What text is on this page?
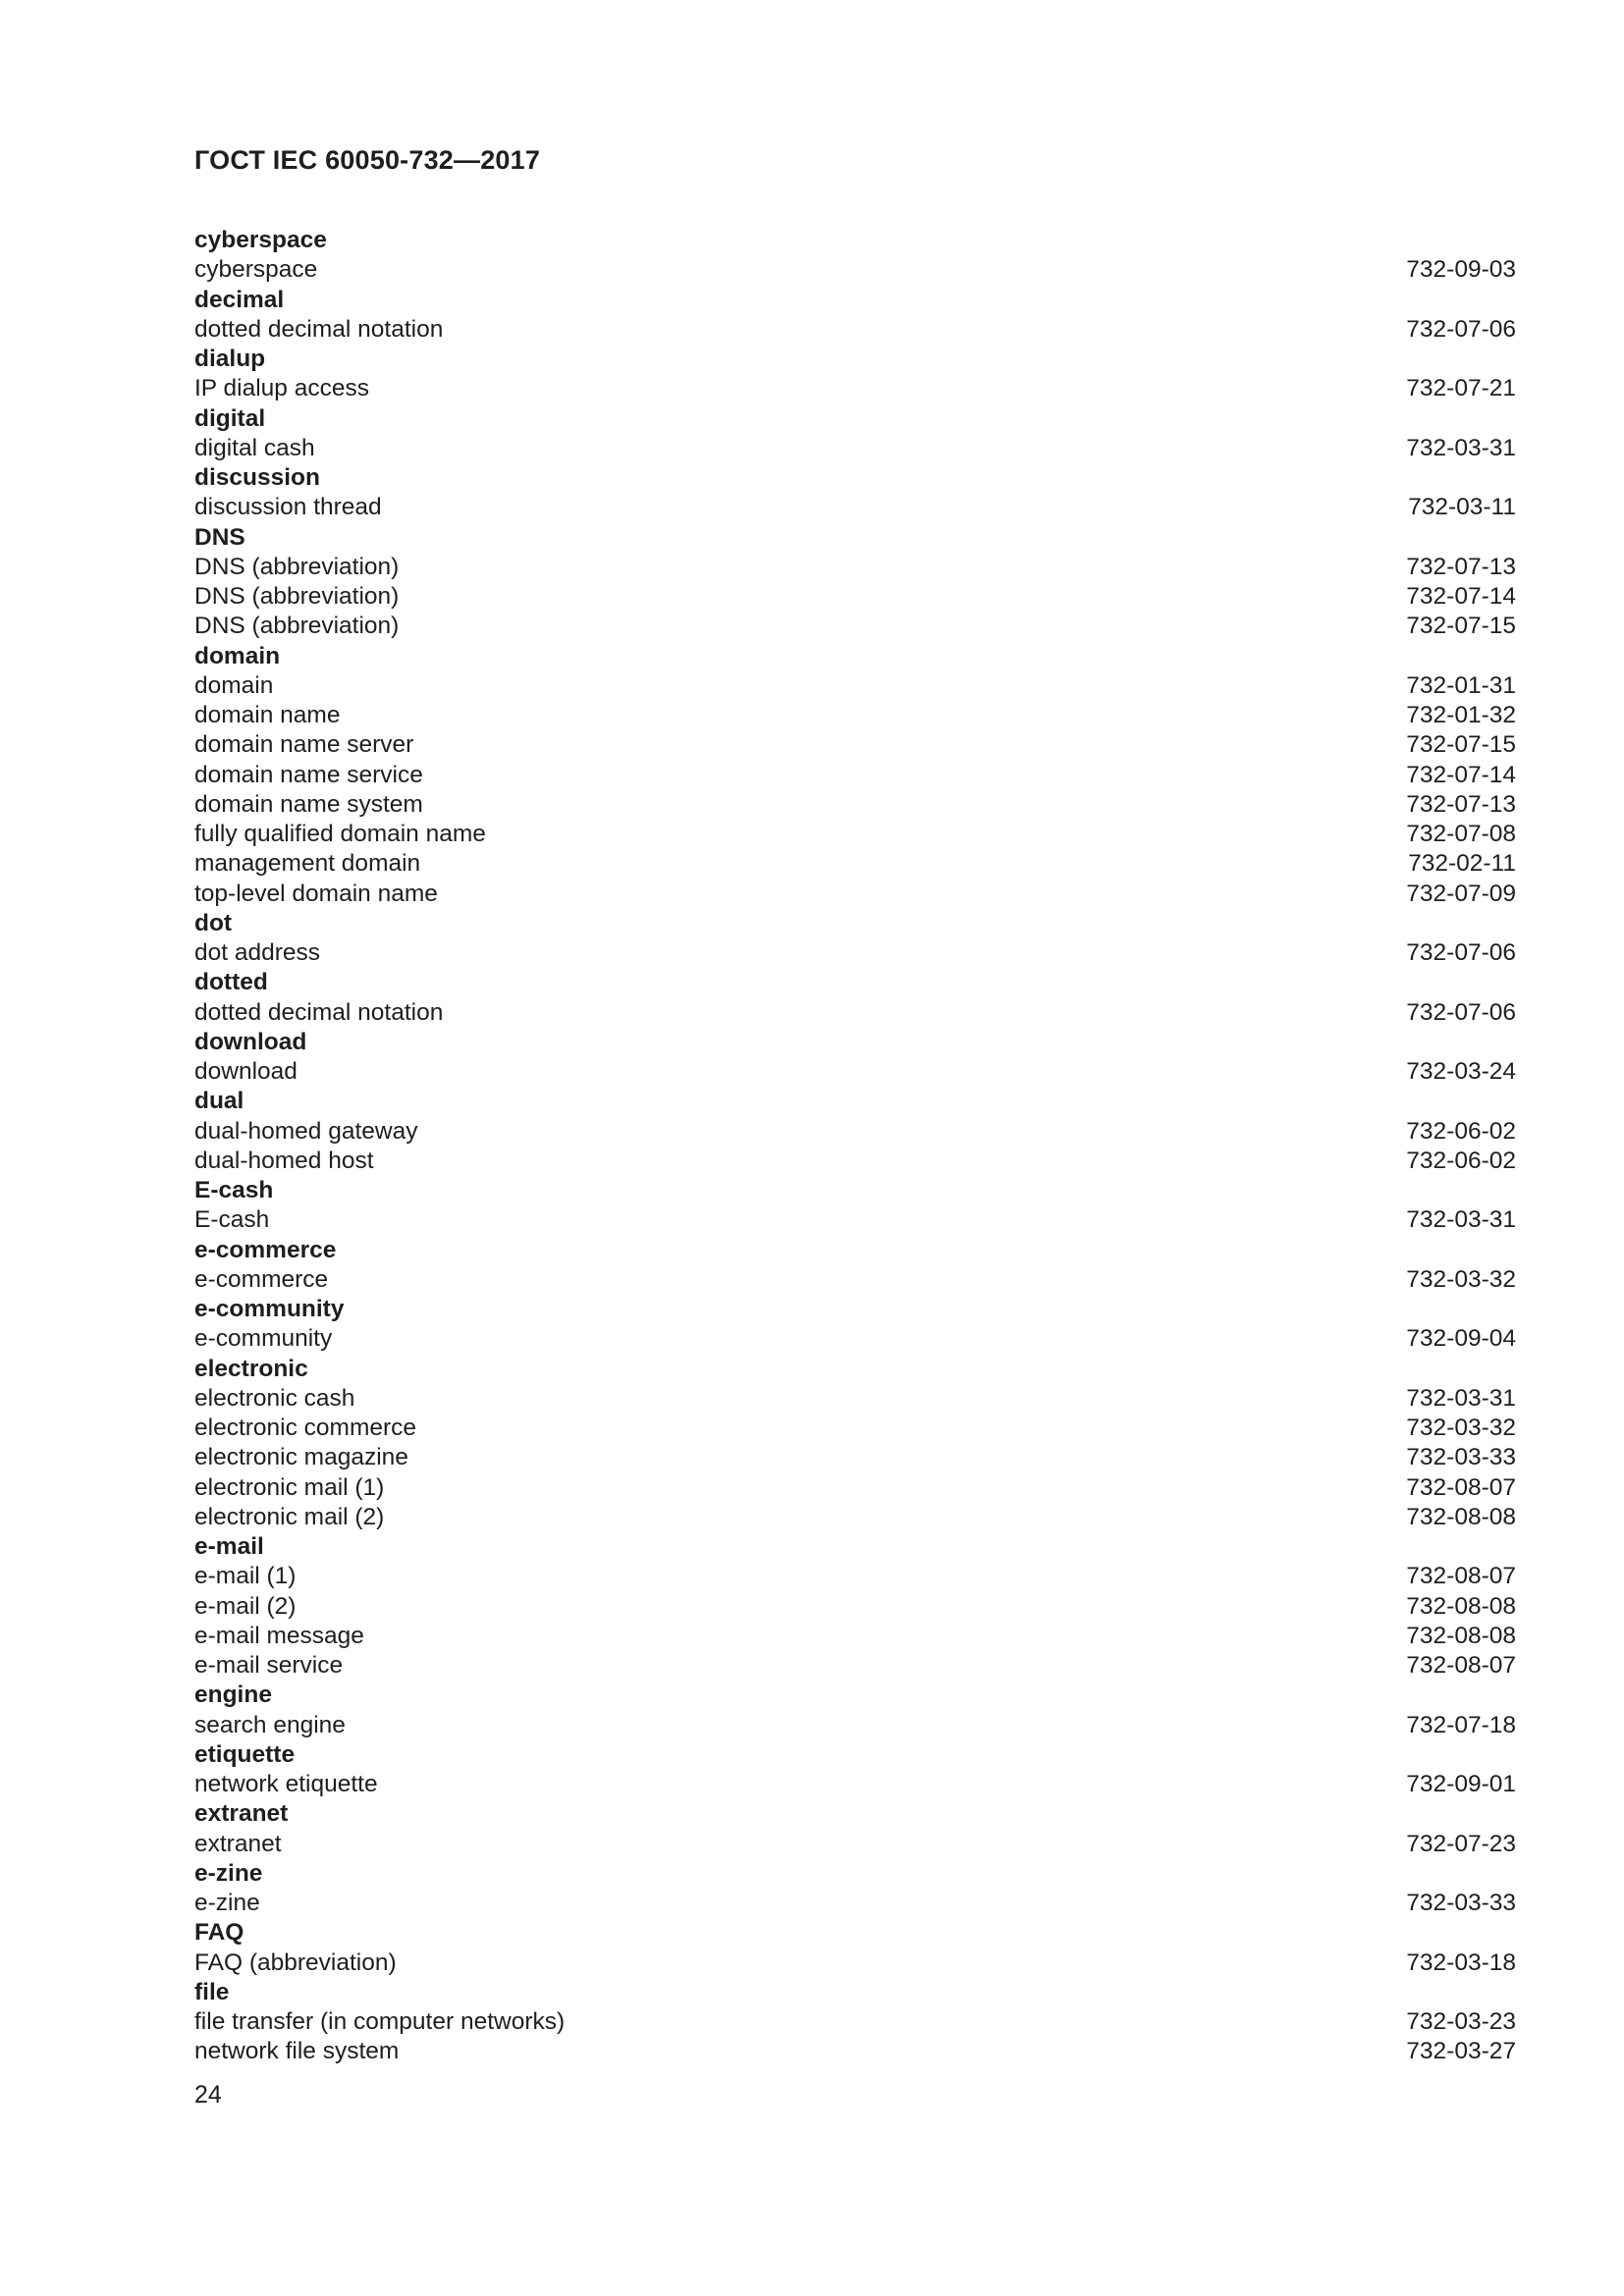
ГОСТ IEC 60050-732—2017
cyberspace
cyberspace	732-09-03
decimal
dotted decimal notation	732-07-06
dialup
IP dialup access	732-07-21
digital
digital cash	732-03-31
discussion
discussion thread	732-03-11
DNS
DNS (abbreviation)	732-07-13
DNS (abbreviation)	732-07-14
DNS (abbreviation)	732-07-15
domain
domain	732-01-31
domain name	732-01-32
domain name server	732-07-15
domain name service	732-07-14
domain name system	732-07-13
fully qualified domain name	732-07-08
management domain	732-02-11
top-level domain name	732-07-09
dot
dot address	732-07-06
dotted
dotted decimal notation	732-07-06
download
download	732-03-24
dual
dual-homed gateway	732-06-02
dual-homed host	732-06-02
E-cash
E-cash	732-03-31
e-commerce
e-commerce	732-03-32
e-community
e-community	732-09-04
electronic
electronic cash	732-03-31
electronic commerce	732-03-32
electronic magazine	732-03-33
electronic mail (1)	732-08-07
electronic mail (2)	732-08-08
e-mail
e-mail (1)	732-08-07
e-mail (2)	732-08-08
e-mail message	732-08-08
e-mail service	732-08-07
engine
search engine	732-07-18
etiquette
network etiquette	732-09-01
extranet
extranet	732-07-23
e-zine
e-zine	732-03-33
FAQ
FAQ (abbreviation)	732-03-18
file
file transfer (in computer networks)	732-03-23
network file system	732-03-27
24
